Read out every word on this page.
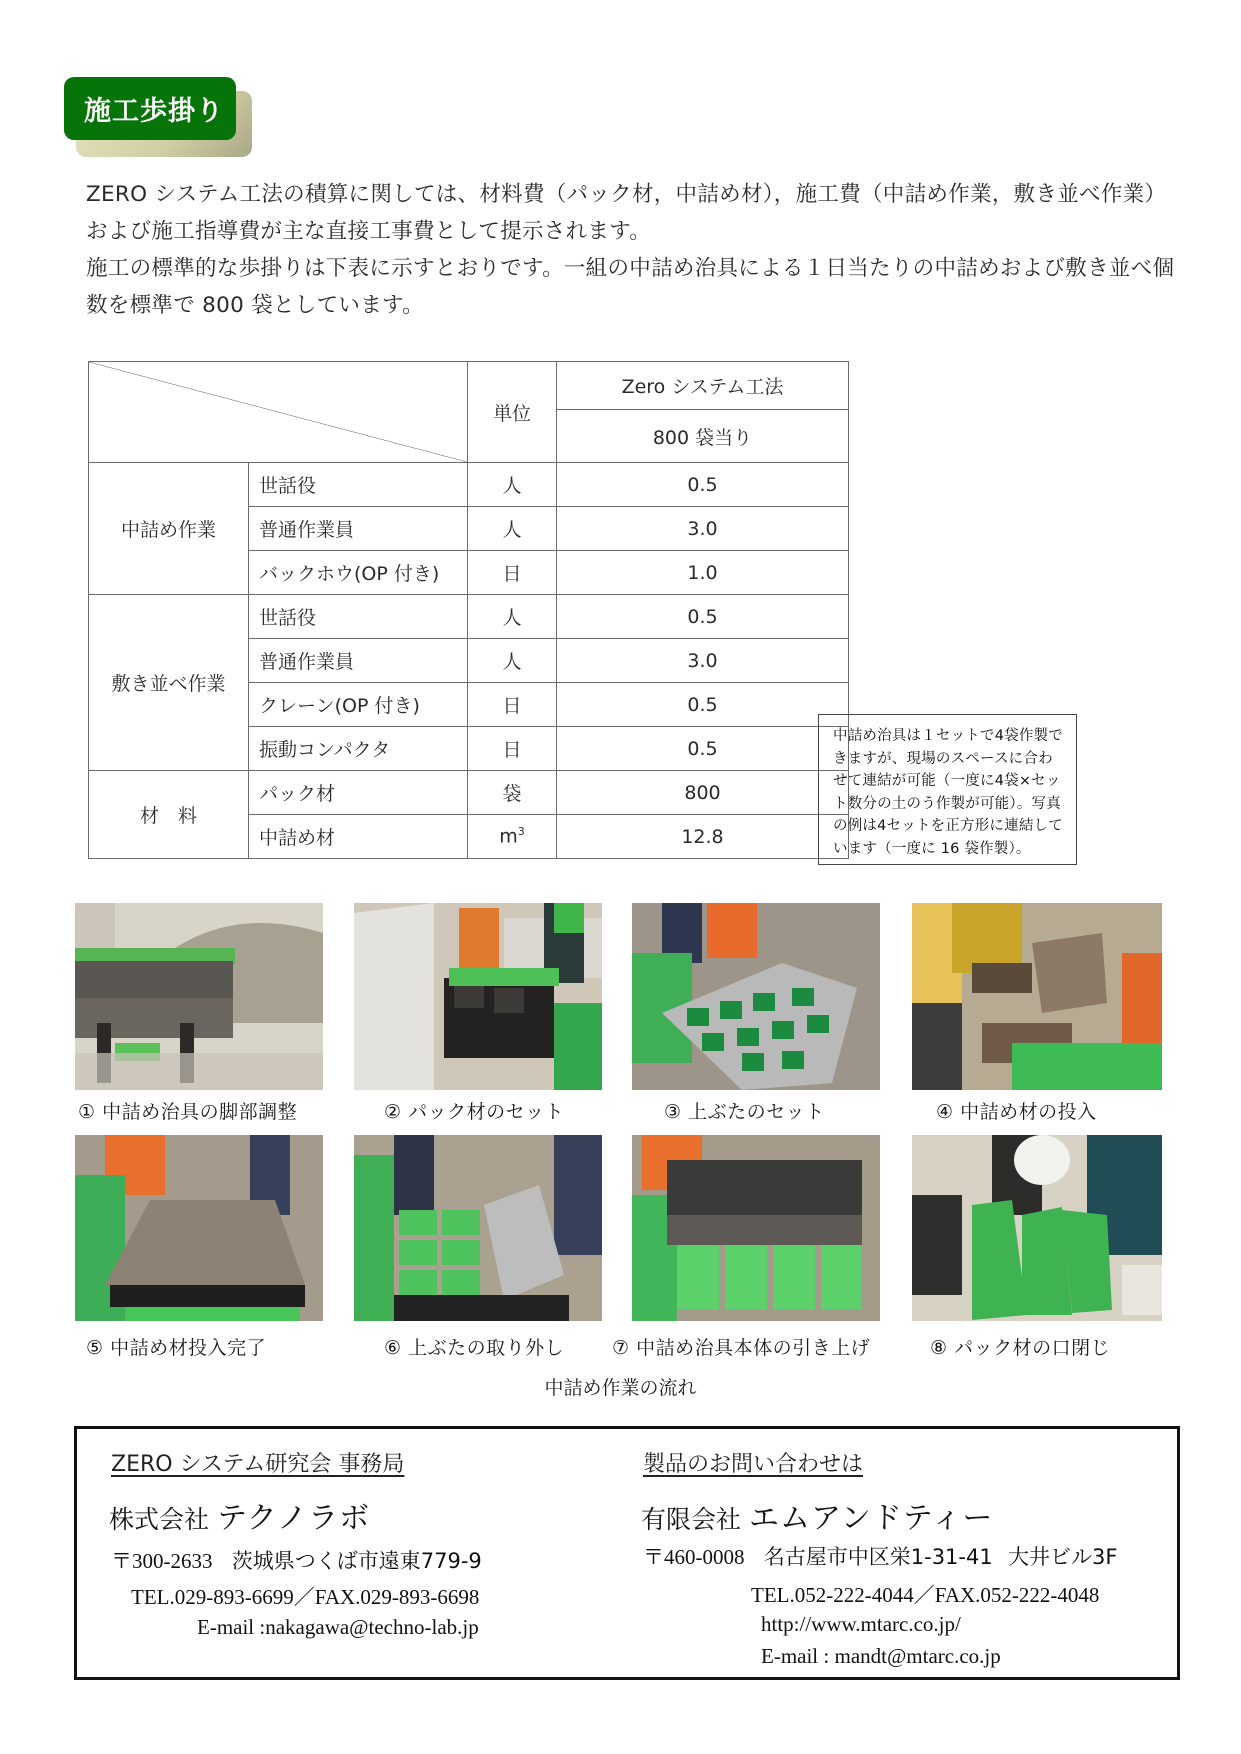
施工歩掛り

ZERO システム工法の積算に関しては、材料費（パック材，中詰め材），施工費（中詰め作業，敷き並べ作業）および施工指導費が主な直接工事費として提示されます。

施工の標準的な歩掛りは下表に示すとおりです。一組の中詰め治具による１日当たりの中詰めおよび敷き並べ個数を標準で 800 袋としています。

	単位	Zero システム工法
			800 袋当り
中詰め作業	世話役	人	0.5
	普通作業員	人	3.0
	バックホウ(OP 付き)	日	1.0
敷き並べ作業	世話役	人	0.5
	普通作業員	人	3.0
	クレーン(OP 付き)	日	0.5
	振動コンパクタ	日	0.5
材　料	パック材	袋	800
	中詰め材	$m^3$	12.8
中詰め治具は１セットで4袋作製できますが、現場のスペースに合わせて連結が可能（一度に4袋×セット数分の土のう作製が可能）。写真の例は4セットを正方形に連結しています（一度に 16 袋作製）。
① 中詰め治具の脚部調整	② パック材のセット	③ 上ぶたのセット	④ 中詰め材の投入
⑤ 中詰め材投入完了	⑥ 上ぶたの取り外し	⑦ 中詰め治具本体の引き上げ	⑧ パック材の口閉じ
中詰め作業の流れ
ZERO システム研究会 事務局
株式会社 テクノラボ
〒300-2633 茨城県つくば市遠東779-9
TEL.029-893-6699／FAX.029-893-6698
E-mail :nakagawa@techno-lab.jp
製品のお問い合わせは
有限会社 エムアンドティー
〒460-0008 名古屋市中区栄1-31-41 大井ビル3F
TEL.052-222-4044／FAX.052-222-4048
http://www.mtarc.co.jp/
E-mail : mandt@mtarc.co.jp
